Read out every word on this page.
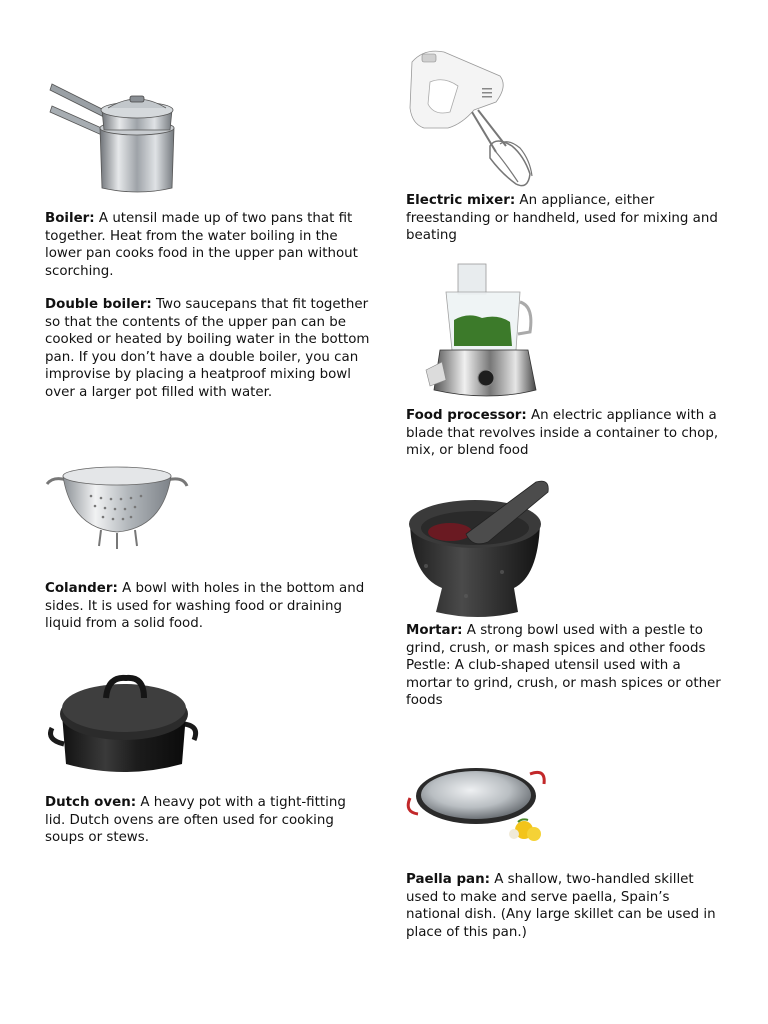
Boiler: A utensil made up of two pans that fit together. Heat from the water boiling in the lower pan cooks food in the upper pan without scorching.

Double boiler: Two saucepans that fit together so that the contents of the upper pan can be cooked or heated by boiling water in the bottom pan. If you don’t have a double boiler, you can improvise by placing a heatproof mixing bowl over a larger pot filled with water.

Colander: A bowl with holes in the bottom and sides. It is used for washing food or draining liquid from a solid food.

Dutch oven: A heavy pot with a tight-fitting lid. Dutch ovens are often used for cooking soups or stews.

Electric mixer: An appliance, either freestanding or handheld, used for mixing and beating

Food processor: An electric appliance with a blade that revolves inside a container to chop, mix, or blend food

Mortar: A strong bowl used with a pestle to grind, crush, or mash spices and other foods Pestle: A club-shaped utensil used with a mortar to grind, crush, or mash spices or other foods

Paella pan: A shallow, two-handled skillet used to make and serve paella, Spain’s national dish. (Any large skillet can be used in place of this pan.)
